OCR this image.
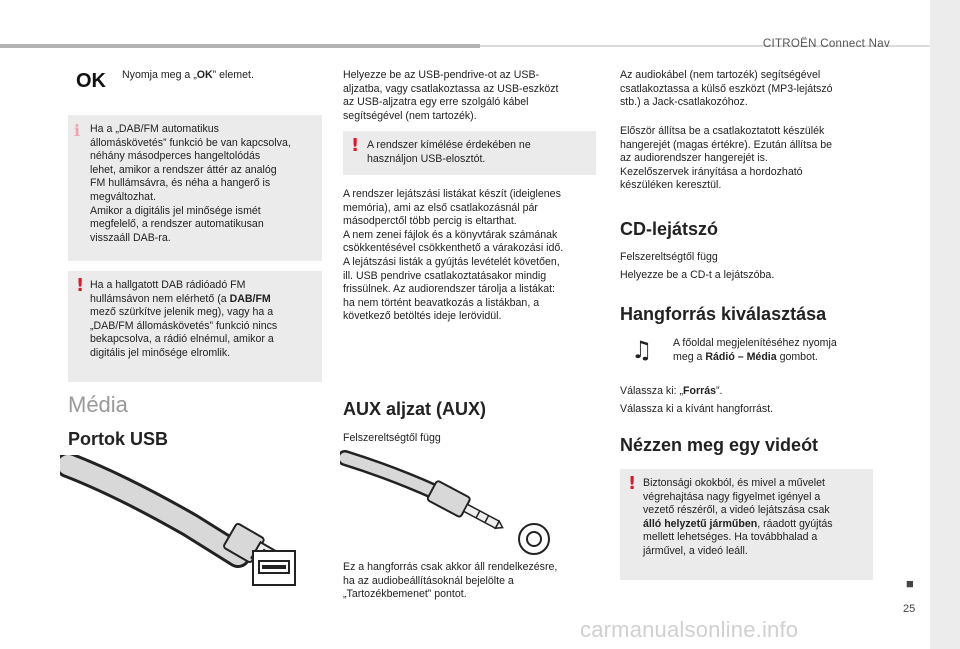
CITROËN Connect Nav
■
25
carmanualsonline.info
OK Nyomja meg a „OK” elemet.

ℹ Ha a „DAB/FM automatikus
állomáskövetés” funkció be van kapcsolva,
néhány másodperces hangeltolódás
lehet, amikor a rendszer áttér az analóg
FM hullámsávra, és néha a hangerő is
megváltozhat.
Amikor a digitális jel minősége ismét
megfelelő, a rendszer automatikusan
visszaáll DAB-ra.
! Ha a hallgatott DAB rádióadó FM
hullámsávon nem elérhető (a DAB/FM
mező szürkítve jelenik meg), vagy ha a
„DAB/FM állomáskövetés” funkció nincs
bekapcsolva, a rádió elnémul, amikor a
digitális jel minősége elromlik.
Média
Portok USB
Helyezze be az USB-pendrive-ot az USB-
aljzatba, vagy csatlakoztassa az USB-eszközt
az USB-aljzatra egy erre szolgáló kábel
segítségével (nem tartozék).
! A rendszer kímélése érdekében ne
használjon USB-elosztót.
A rendszer lejátszási listákat készít (ideiglenes
memória), ami az első csatlakozásnál pár
másodperctől több percig is eltarthat.
A nem zenei fájlok és a könyvtárak számának
csökkentésével csökkenthető a várakozási idő.
A lejátszási listák a gyújtás levételét követően,
ill. USB pendrive csatlakoztatásakor mindig
frissülnek. Az audiorendszer tárolja a listákat:
ha nem történt beavatkozás a listákban, a
következő betöltés ideje lerövidül.
AUX aljzat (AUX)

Felszereltségtől függ

Ez a hangforrás csak akkor áll rendelkezésre,
ha az audiobeállításoknál bejelölte a
„Tartozékbemenet” pontot.
Az audiokábel (nem tartozék) segítségével
csatlakoztassa a külső eszközt (MP3-lejátszó
stb.) a Jack-csatlakozóhoz.
Először állítsa be a csatlakoztatott készülék
hangerejét (magas értékre). Ezután állítsa be
az audiorendszer hangerejét is.
Kezelőszervek irányítása a hordozható
készüléken keresztül.
CD-lejátszó

Felszereltségtől függ

Helyezze be a CD-t a lejátszóba.

Hangforrás kiválasztása
♫ A főoldal megjelenítéséhez nyomja
meg a Rádió – Média gombot.

Válassza ki: „Forrás”.

Válassza ki a kívánt hangforrást.

Nézzen meg egy videót
! Biztonsági okokból, és mivel a művelet
végrehajtása nagy figyelmet igényel a
vezető részéről, a videó lejátszása csak
álló helyzetű járműben, ráadott gyújtás
mellett lehetséges. Ha továbbhalad a
járművel, a videó leáll.
